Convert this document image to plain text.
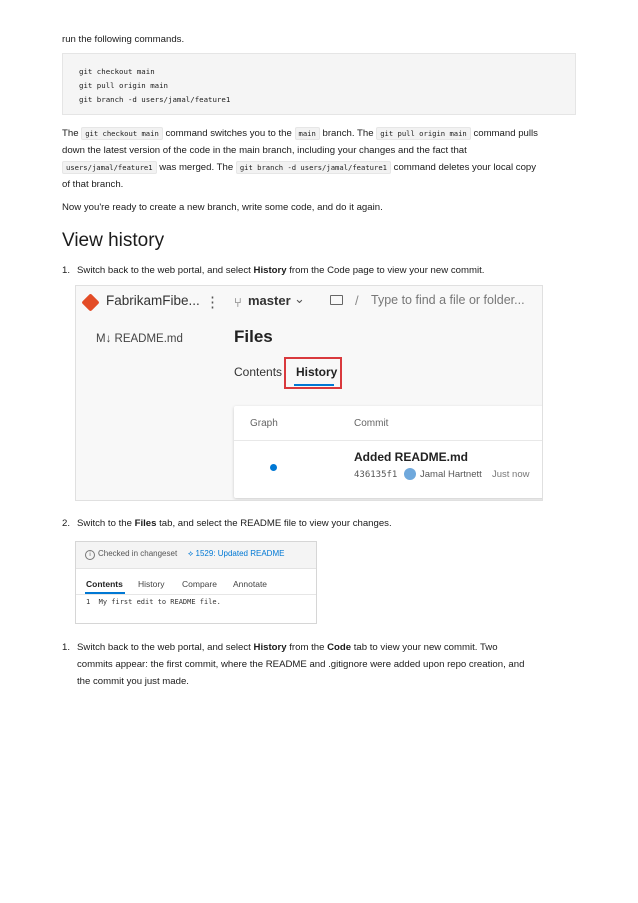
run the following commands.

git checkout main
git pull origin main
git branch -d users/jamal/feature1
The git checkout main command switches you to the main branch. The git pull origin main command pulls
down the latest version of the code in the main branch, including your changes and the fact that
users/jamal/feature1 was merged. The git branch -d users/jamal/feature1 command deletes your local copy
of that branch.
Now you're ready to create a new branch, write some code, and do it again.
View history
1. Switch back to the web portal, and select History from the Code page to view your new commit.
FabrikamFibe... ⋮
M↓ README.md
⑂ master ⌄	/ Type to find a file or folder...
Files
Contents History
Graph	Commit
Added README.md
436135f1 Jamal Hartnett Just now
2. Switch to the Files tab, and select the README file to view your changes.
i Checked in changeset ⟡ 1529: Updated README
Contents History Compare Annotate
1  My first edit to README file.
1. Switch back to the web portal, and select History from the Code tab to view your new commit. Two
commits appear: the first commit, where the README and .gitignore were added upon repo creation, and
the commit you just made.
